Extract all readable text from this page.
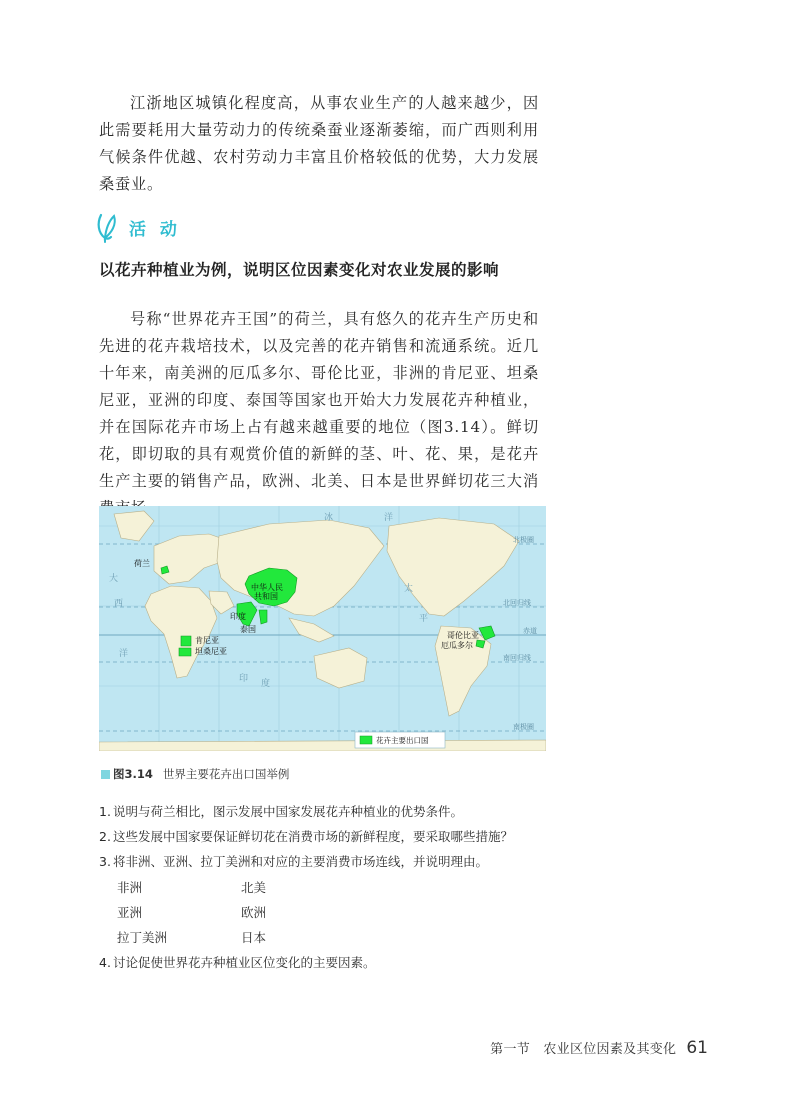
江浙地区城镇化程度高，从事农业生产的人越来越少，因此需要耗用大量劳动力的传统桑蚕业逐渐萎缩，而广西则利用气候条件优越、农村劳动力丰富且价格较低的优势，大力发展桑蚕业。

活 动
以花卉种植业为例，说明区位因素变化对农业发展的影响

号称“世界花卉王国”的荷兰，具有悠久的花卉生产历史和先进的花卉栽培技术，以及完善的花卉销售和流通系统。近几十年来，南美洲的厄瓜多尔、哥伦比亚，非洲的肯尼亚、坦桑尼亚，亚洲的印度、泰国等国家也开始大力发展花卉种植业，并在国际花卉市场上占有越来越重要的地位（图3.14）。鲜切花，即切取的具有观赏价值的新鲜的茎、叶、花、果，是花卉生产主要的销售产品，欧洲、北美、日本是世界鲜切花三大消

荷兰
中华人民
共和国
印度
泰国
肯尼亚
坦桑尼亚
哥伦比亚
厄瓜多尔
北极圈
北回归线
赤道
南回归线
南极圈
冰	洋
大
西
洋
太
平
印 度
花卉主要出口国
图3.14 世界主要花卉出口国举例
1. 说明与荷兰相比，图示发展中国家发展花卉种植业的优势条件。
2. 这些发展中国家要保证鲜切花在消费市场的新鲜程度，要采取哪些措施？
3. 将非洲、亚洲、拉丁美洲和对应的主要消费市场连线，并说明理由。
非洲	北美
亚洲	欧洲
拉丁美洲	日本
4. 讨论促使世界花卉种植业区位变化的主要因素。
第一节　农业区位因素及其变化 61
